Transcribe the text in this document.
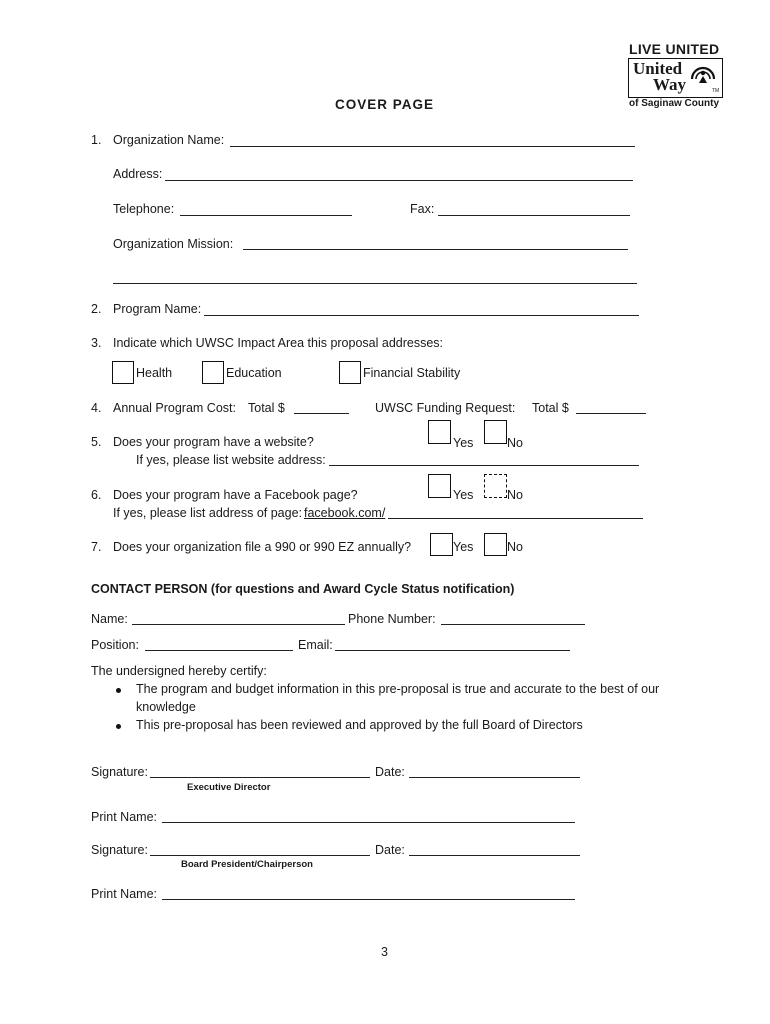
LIVE UNITED
United
Way	TM
of Saginaw County
COVER PAGE
1. Organization Name:
Address:
Telephone:	Fax:
Organization Mission:
2. Program Name:
3. Indicate which UWSC Impact Area this proposal addresses:
Health	Education	Financial Stability
4. Annual Program Cost: Total $	UWSC Funding Request: Total $
5. Does your program have a website?	Yes	No
If yes, please list website address:
6. Does your program have a Facebook page?	Yes	No
If yes, please list address of page: facebook.com/
7. Does your organization file a 990 or 990 EZ annually?	Yes	No
CONTACT PERSON (for questions and Award Cycle Status notification)
Name:	Phone Number:
Position:	Email:
The undersigned hereby certify:
The program and budget information in this pre-proposal is true and accurate to the best of our
knowledge
This pre-proposal has been reviewed and approved by the full Board of Directors
Signature:	Date:
Executive Director
Print Name:
Signature:	Date:
Board President/Chairperson
Print Name:
3
